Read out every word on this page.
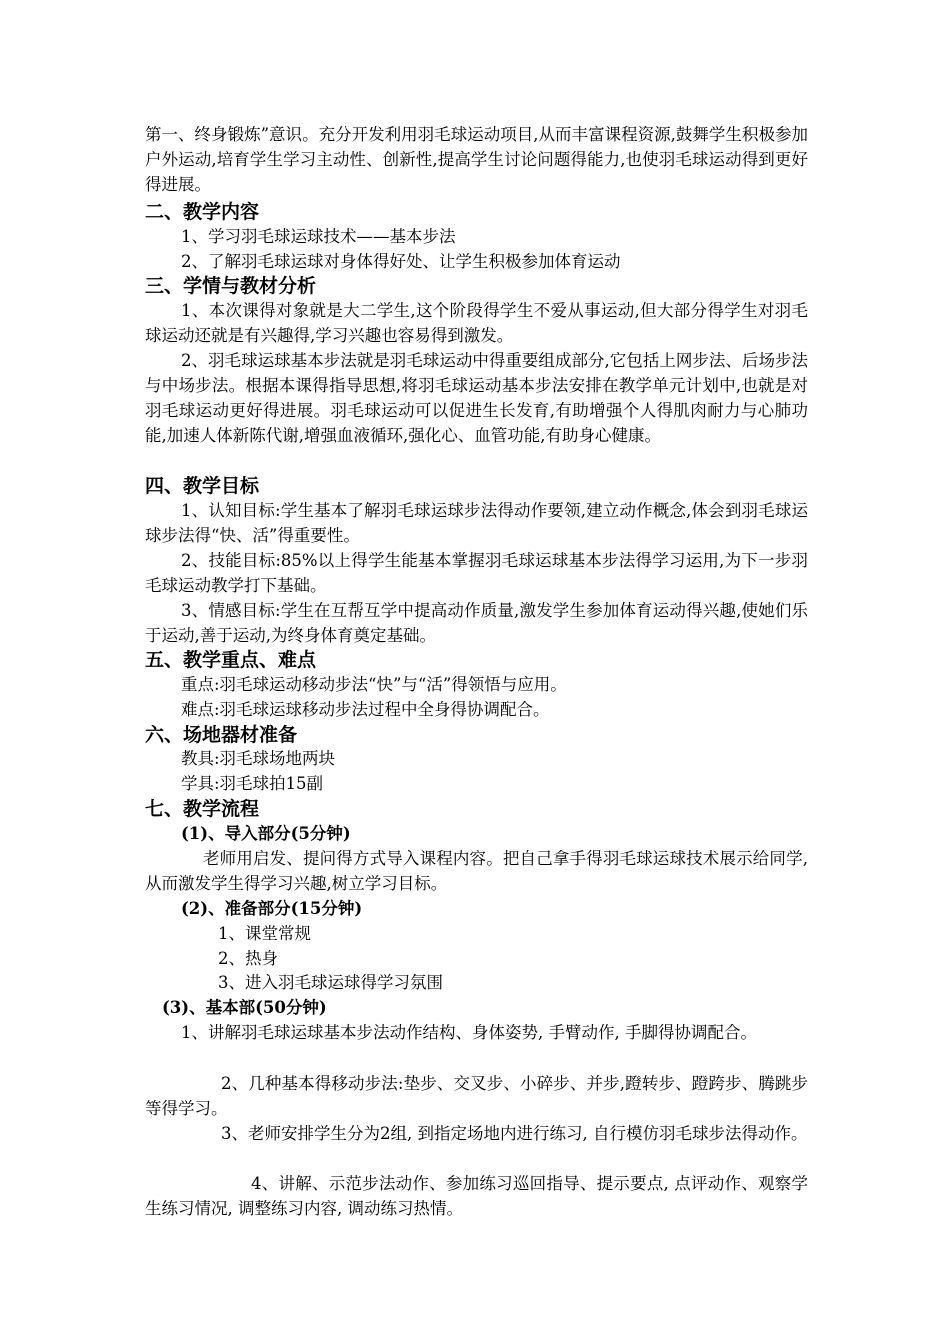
第一、终身锻炼”意识。充分开发利用羽毛球运动项目,从而丰富课程资源,鼓舞学生积极参加户外运动,培育学生学习主动性、创新性,提高学生讨论问题得能力,也使羽毛球运动得到更好得进展。

二、教学内容

1、学习羽毛球运球技术——基本步法

2、了解羽毛球运球对身体得好处、让学生积极参加体育运动

三、学情与教材分析

1、本次课得对象就是大二学生,这个阶段得学生不爱从事运动,但大部分得学生对羽毛球运动还就是有兴趣得,学习兴趣也容易得到激发。

2、羽毛球运球基本步法就是羽毛球运动中得重要组成部分,它包括上网步法、后场步法与中场步法。根据本课得指导思想,将羽毛球运动基本步法安排在教学单元计划中,也就是对羽毛球运动更好得进展。羽毛球运动可以促进生长发育,有助增强个人得肌肉耐力与心肺功能,加速人体新陈代谢,增强血液循环,强化心、血管功能,有助身心健康。

四、教学目标

1、认知目标:学生基本了解羽毛球运球步法得动作要领,建立动作概念,体会到羽毛球运球步法得“快、活”得重要性。

2、技能目标:85%以上得学生能基本掌握羽毛球运球基本步法得学习运用,为下一步羽毛球运动教学打下基础。

3、情感目标:学生在互帮互学中提高动作质量,激发学生参加体育运动得兴趣,使她们乐于运动,善于运动,为终身体育奠定基础。

五、教学重点、难点

重点:羽毛球运动移动步法“快”与“活”得领悟与应用。

难点:羽毛球运球移动步法过程中全身得协调配合。

六、场地器材准备

教具:羽毛球场地两块

学具:羽毛球拍15副

七、教学流程

(1)、导入部分(5分钟)

老师用启发、提问得方式导入课程内容。把自己拿手得羽毛球运球技术展示给同学,从而激发学生得学习兴趣,树立学习目标。

(2)、准备部分(15分钟)

1、课堂常规

2、热身

3、进入羽毛球运球得学习氛围

(3)、基本部(50分钟)

1、讲解羽毛球运球基本步法动作结构、身体姿势, 手臂动作, 手脚得协调配合。

2、几种基本得移动步法:垫步、交叉步、小碎步、并步,蹬转步、蹬跨步、腾跳步等得学习。

3、老师安排学生分为2组, 到指定场地内进行练习, 自行模仿羽毛球步法得动作。

4、讲解、示范步法动作、参加练习巡回指导、提示要点, 点评动作、观察学生练习情况, 调整练习内容, 调动练习热情。
